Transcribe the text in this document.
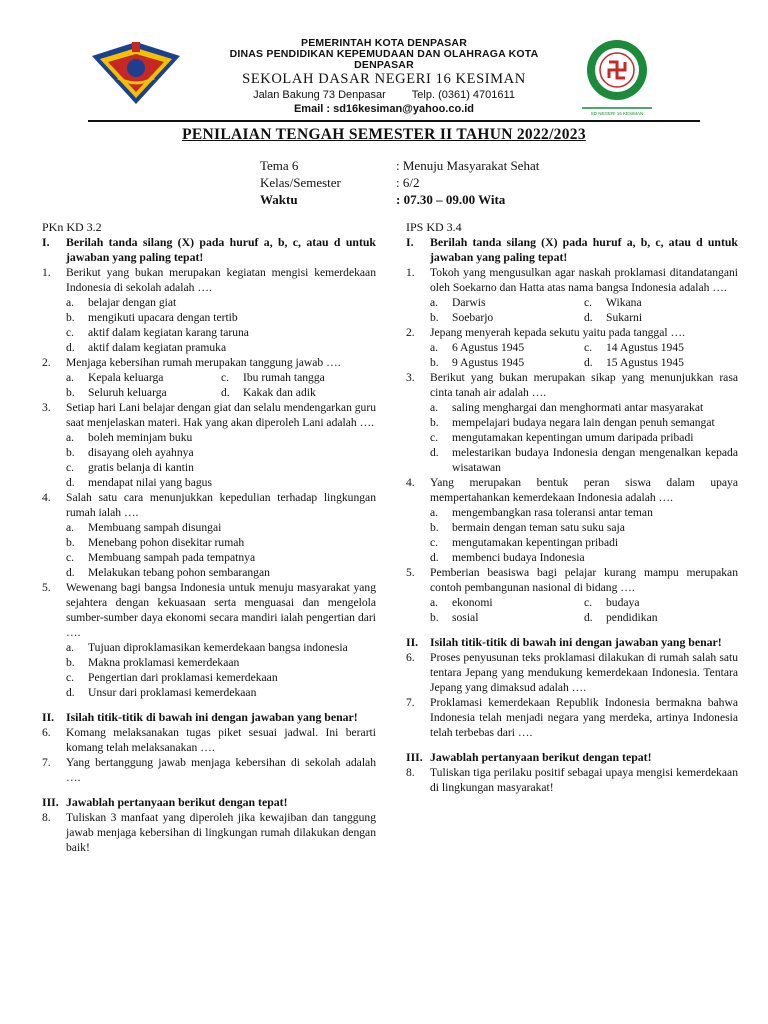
PEMERINTAH KOTA DENPASAR
DINAS PENDIDIKAN KEPEMUDAAN DAN OLAHRAGA KOTA
DENPASAR
SEKOLAH DASAR NEGERI 16 KESIMAN
Jalan Bakung 73 Denpasar Telp. (0361) 4701611
Email : sd16kesiman@yahoo.co.id	SD NEGERI 16 KESIMAN
PENILAIAN TENGAH SEMESTER II TAHUN 2022/2023
Tema 6	: Menuju Masyarakat Sehat
Kelas/Semester	: 6/2
Waktu	: 07.30 – 09.00 Wita
PKn KD 3.2
I.	Berilah tanda silang (X) pada huruf a, b, c, atau d untuk jawaban yang paling tepat!
1.	Berikut yang bukan merupakan kegiatan mengisi kemerdekaan Indonesia di sekolah adalah ….
a.	belajar dengan giat
b.	mengikuti upacara dengan tertib
c.	aktif dalam kegiatan karang taruna
d.	aktif dalam kegiatan pramuka
2.	Menjaga kebersihan rumah merupakan tanggung jawab ….
a.	Kepala keluarga	c.	Ibu rumah tangga
b.	Seluruh keluarga	d.	Kakak dan adik
3.	Setiap hari Lani belajar dengan giat dan selalu mendengarkan guru saat menjelaskan materi. Hak yang akan diperoleh Lani adalah ….
a.	boleh meminjam buku
b.	disayang oleh ayahnya
c.	gratis belanja di kantin
d.	mendapat nilai yang bagus
4.	Salah satu cara menunjukkan kepedulian terhadap lingkungan rumah ialah ….
a.	Membuang sampah disungai
b.	Menebang pohon disekitar rumah
c.	Membuang sampah pada tempatnya
d.	Melakukan tebang pohon sembarangan
5.	Wewenang bagi bangsa Indonesia untuk menuju masyarakat yang sejahtera dengan kekuasaan serta menguasai dan mengelola sumber-sumber daya ekonomi secara mandiri ialah pengertian dari ….
a.	Tujuan diproklamasikan kemerdekaan bangsa indonesia
b.	Makna proklamasi kemerdekaan
c.	Pengertian dari proklamasi kemerdekaan
d.	Unsur dari proklamasi kemerdekaan
II.	Isilah titik-titik di bawah ini dengan jawaban yang benar!
6.	Komang melaksanakan tugas piket sesuai jadwal. Ini berarti komang telah melaksanakan ….
7.	Yang bertanggung jawab menjaga kebersihan di sekolah adalah ….
III. Jawablah pertanyaan berikut dengan tepat!
8.	Tuliskan 3 manfaat yang diperoleh jika kewajiban dan tanggung jawab menjaga kebersihan di lingkungan rumah dilakukan dengan baik!
IPS KD 3.4
I.	Berilah tanda silang (X) pada huruf a, b, c, atau d untuk jawaban yang paling tepat!
1.	Tokoh yang mengusulkan agar naskah proklamasi ditandatangani oleh Soekarno dan Hatta atas nama bangsa Indonesia adalah ….
a.	Darwis	c.	Wikana
b.	Soebarjo	d.	Sukarni
2.	Jepang menyerah kepada sekutu yaitu pada tanggal ….
a.	6 Agustus 1945	c.	14 Agustus 1945
b.	9 Agustus 1945	d.	15 Agustus 1945
3.	Berikut yang bukan merupakan sikap yang menunjukkan rasa cinta tanah air adalah ….
a.	saling menghargai dan menghormati antar masyarakat
b.	mempelajari budaya negara lain dengan penuh semangat
c.	mengutamakan kepentingan umum daripada pribadi
d.	melestarikan budaya Indonesia dengan mengenalkan kepada wisatawan
4.	Yang merupakan bentuk peran siswa dalam upaya mempertahankan kemerdekaan Indonesia adalah ….
a.	mengembangkan rasa toleransi antar teman
b.	bermain dengan teman satu suku saja
c.	mengutamakan kepentingan pribadi
d.	membenci budaya Indonesia
5.	Pemberian beasiswa bagi pelajar kurang mampu merupakan contoh pembangunan nasional di bidang ….
a.	ekonomi	c.	budaya
b.	sosial	d.	pendidikan
II.	Isilah titik-titik di bawah ini dengan jawaban yang benar!
6.	Proses penyusunan teks proklamasi dilakukan di rumah salah satu tentara Jepang yang mendukung kemerdekaan Indonesia. Tentara Jepang yang dimaksud adalah ….
7.	Proklamasi kemerdekaan Republik Indonesia bermakna bahwa Indonesia telah menjadi negara yang merdeka, artinya Indonesia telah terbebas dari ….
III. Jawablah pertanyaan berikut dengan tepat!
8.	Tuliskan tiga perilaku positif sebagai upaya mengisi kemerdekaan di lingkungan masyarakat!
